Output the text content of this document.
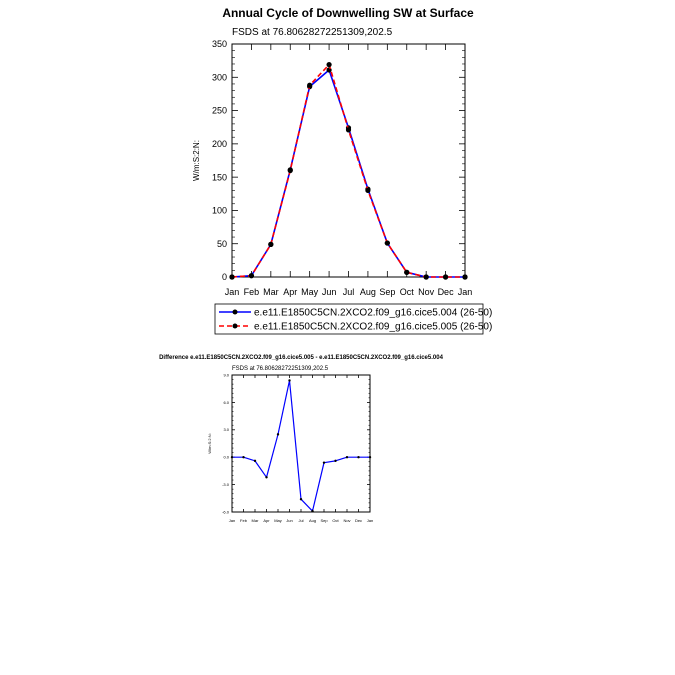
Annual Cycle of Downwelling SW at Surface
FSDS at 76.80628272251309,202.5
W/m:S:2:N:
0
50
100
150
200
250
300
350
Jan Feb Mar Apr May Jun Jul Aug Sep Oct Nov Dec Jan
e.e11.E1850C5CN.2XCO2.f09_g16.cice5.004 (26-50)
e.e11.E1850C5CN.2XCO2.f09_g16.cice5.005 (26-50)
Difference e.e11.E1850C5CN.2XCO2.f09_g16.cice5.005 - e.e11.E1850C5CN.2XCO2.f09_g16.cice5.004
FSDS at 76.80628272251309,202.5
W/m:S:2:N:
-6.0
-3.0
0.0
3.0
6.0
9.0
Jan Feb Mar Apr May Jun Jul Aug Sep Oct Nov Dec Jan
